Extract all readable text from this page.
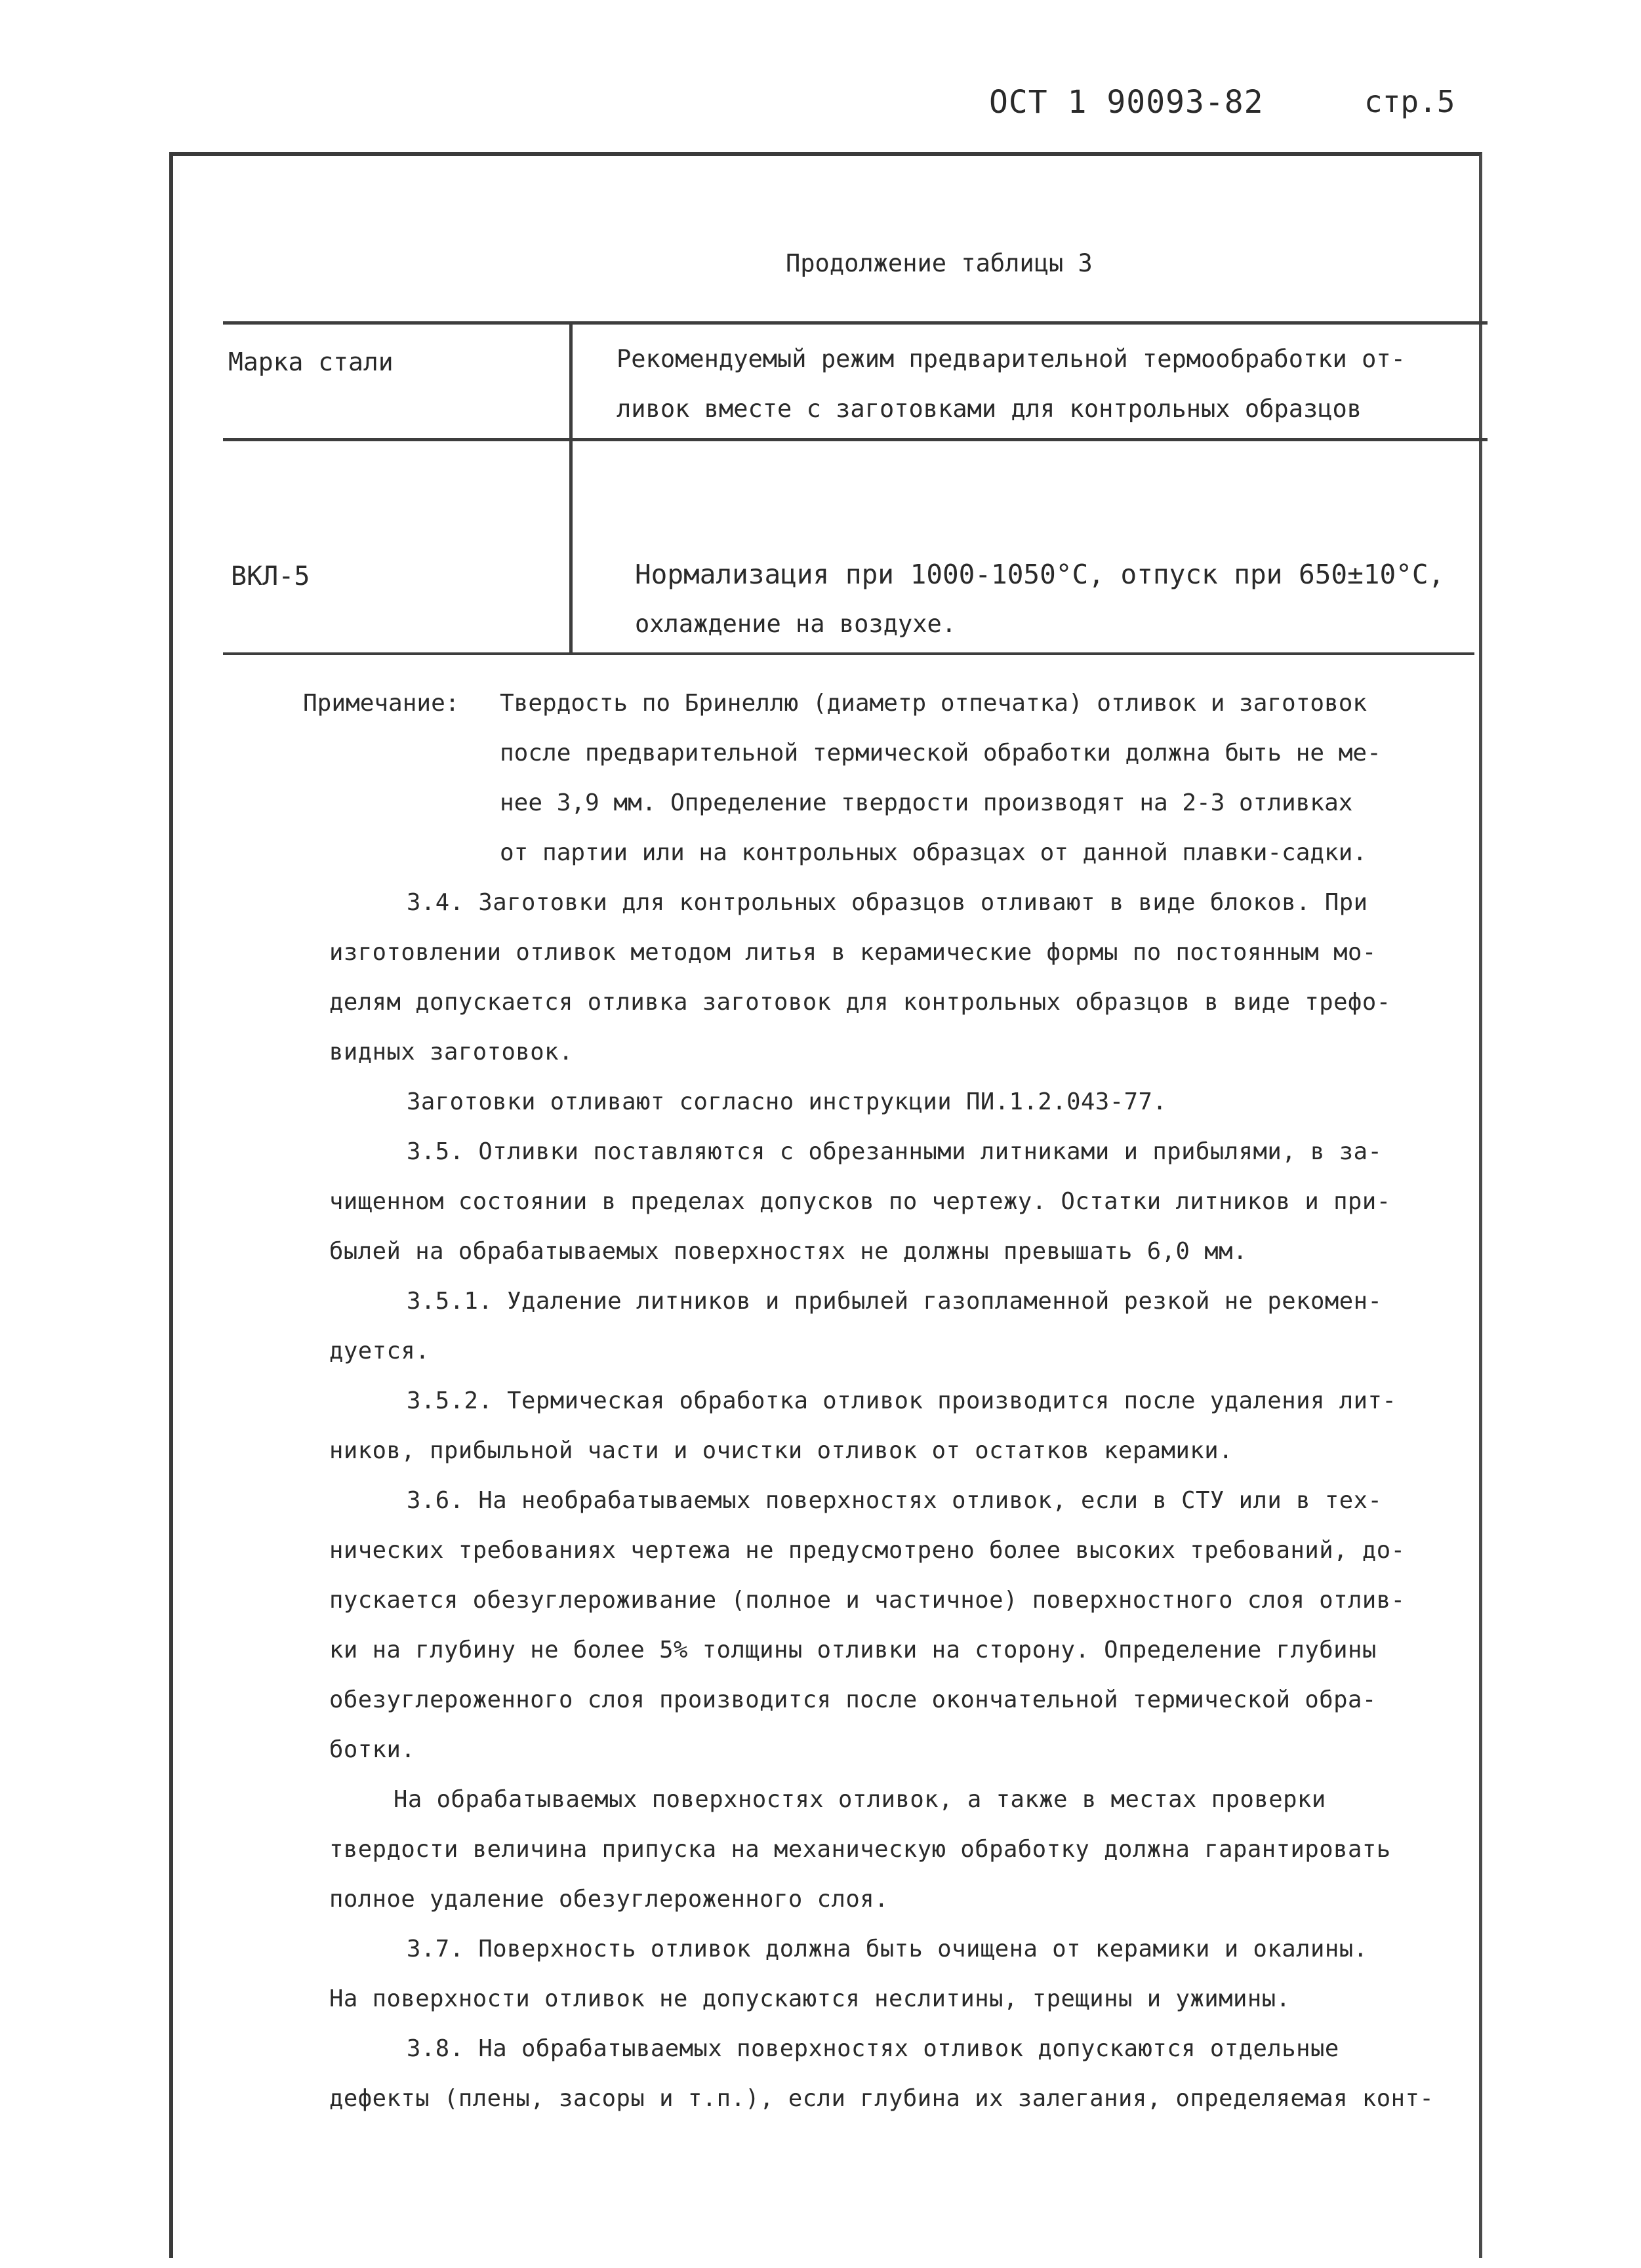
ОСТ 1 90093-82	стр.5
Продолжение таблицы 3
Марка стали	Рекомендуемый режим предварительной термообработки от-
ливок вместе с заготовками для контрольных образцов
ВКЛ-5	Нормализация при 1000-1050°С, отпуск при 650±10°С,
охлаждение на воздухе.
Примечание: Твердость по Бринеллю (диаметр отпечатка) отливок и заготовок
после предварительной термической обработки должна быть не ме-
нее 3,9 мм. Определение твердости производят на 2-3 отливках
от партии или на контрольных образцах от данной плавки-садки.
3.4. Заготовки для контрольных образцов отливают в виде блоков. При
изготовлении отливок методом литья в керамические формы по постоянным мо-
делям допускается отливка заготовок для контрольных образцов в виде трефо-
видных заготовок.
Заготовки отливают согласно инструкции ПИ.1.2.043-77.
3.5. Отливки поставляются с обрезанными литниками и прибылями, в за-
чищенном состоянии в пределах допусков по чертежу. Остатки литников и при-
былей на обрабатываемых поверхностях не должны превышать 6,0 мм.
3.5.1. Удаление литников и прибылей газопламенной резкой не рекомен-
дуется.
3.5.2. Термическая обработка отливок производится после удаления лит-
ников, прибыльной части и очистки отливок от остатков керамики.
3.6. На необрабатываемых поверхностях отливок, если в СТУ или в тех-
нических требованиях чертежа не предусмотрено более высоких требований, до-
пускается обезуглероживание (полное и частичное) поверхностного слоя отлив-
ки на глубину не более 5% толщины отливки на сторону. Определение глубины
обезуглероженного слоя производится после окончательной термической обра-
ботки.
На обрабатываемых поверхностях отливок, а также в местах проверки
твердости величина припуска на механическую обработку должна гарантировать
полное удаление обезуглероженного слоя.
3.7. Поверхность отливок должна быть очищена от керамики и окалины.
На поверхности отливок не допускаются неслитины, трещины и ужимины.
3.8. На обрабатываемых поверхностях отливок допускаются отдельные
дефекты (плены, засоры и т.п.), если глубина их залегания, определяемая конт-
